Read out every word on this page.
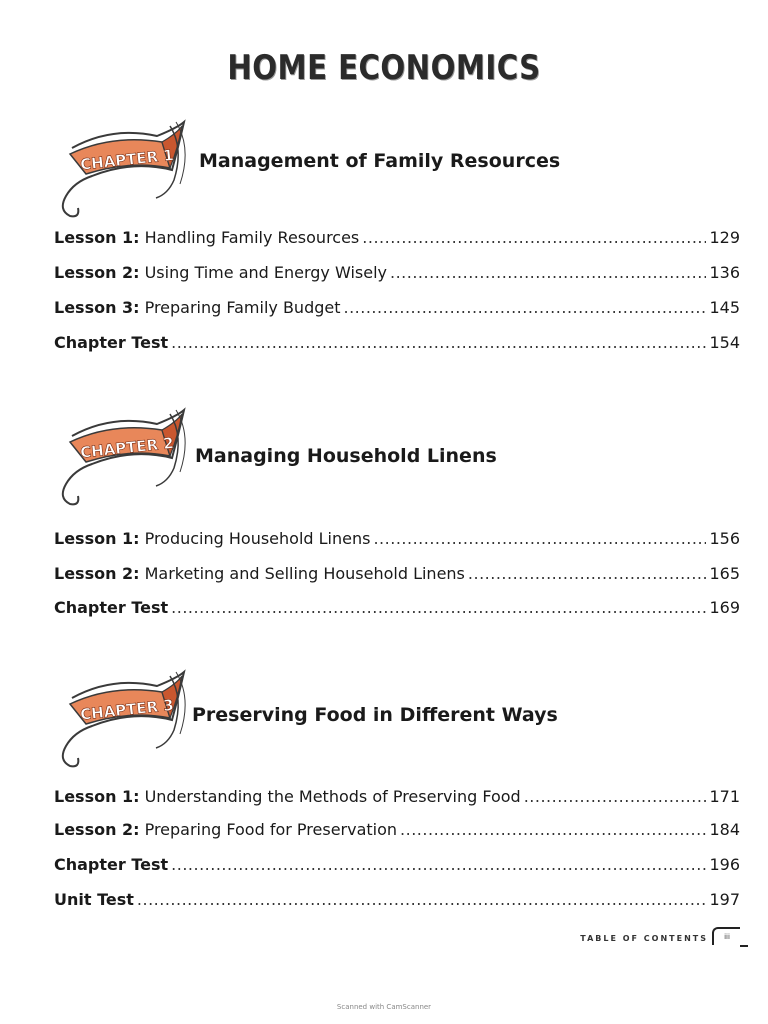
HOME ECONOMICS
CHAPTER 1 Management of Family Resources
Lesson 1: Handling Family Resources .....	129
Lesson 2: Using Time and Energy Wisely .....	136
Lesson 3: Preparing Family Budget .....	145
Chapter Test .....	154
CHAPTER 2 Managing Household Linens
Lesson 1: Producing Household Linens .....	156
Lesson 2: Marketing and Selling Household Linens .....	165
Chapter Test .....	169
CHAPTER 3 Preserving Food in Different Ways
Lesson 1: Understanding the Methods of Preserving Food .....	171
Lesson 2: Preparing Food for Preservation .....	184
Chapter Test .....	196
Unit Test .....	197
TABLE OF CONTENTS	iii
Scanned with CamScanner
